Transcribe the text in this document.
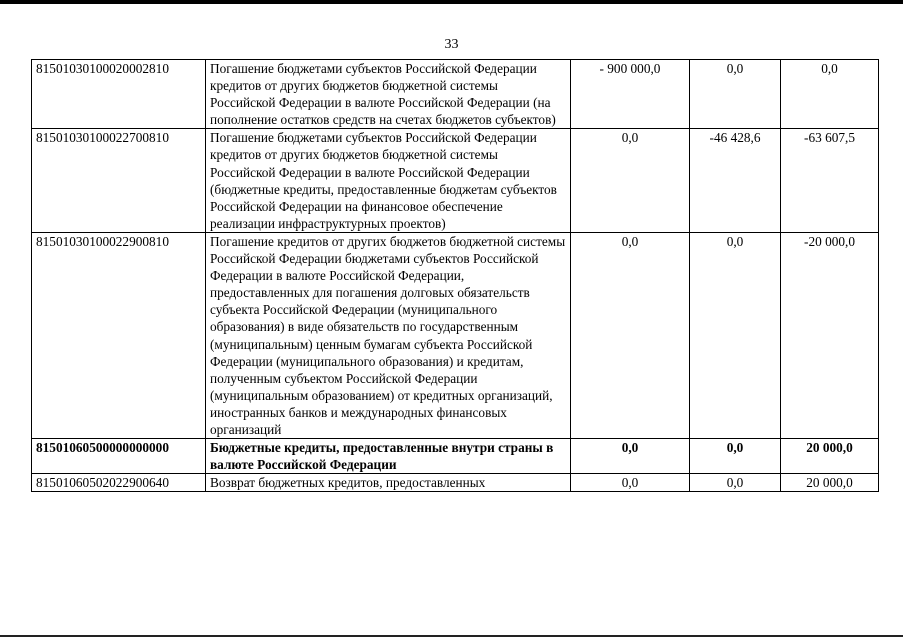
33
81501030100020002810	Погашение бюджетами субъектов Российской Федерации кредитов от других бюджетов бюджетной системы Российской Федерации в валюте Российской Федерации (на пополнение остатков средств на счетах бюджетов субъектов)	- 900 000,0	0,0	0,0
81501030100022700810	Погашение бюджетами субъектов Российской Федерации кредитов от других бюджетов бюджетной системы Российской Федерации в валюте Российской Федерации (бюджетные кредиты, предоставленные бюджетам субъектов Российской Федерации на финансовое обеспечение реализации инфраструктурных проектов)	0,0	-46 428,6	-63 607,5
81501030100022900810	Погашение кредитов от других бюджетов бюджетной системы Российской Федерации бюджетами субъектов Российской Федерации в валюте Российской Федерации, предоставленных для погашения долговых обязательств субъекта Российской Федерации (муниципального образования) в виде обязательств по государственным (муниципальным) ценным бумагам субъекта Российской Федерации (муниципального образования) и кредитам, полученным субъектом Российской Федерации (муниципальным образованием) от кредитных организаций, иностранных банков и международных финансовых организаций	0,0	0,0	-20 000,0
81501060500000000000	Бюджетные кредиты, предоставленные внутри страны в валюте Российской Федерации	0,0	0,0	20 000,0
81501060502022900640	Возврат бюджетных кредитов, предоставленных	0,0	0,0	20 000,0
